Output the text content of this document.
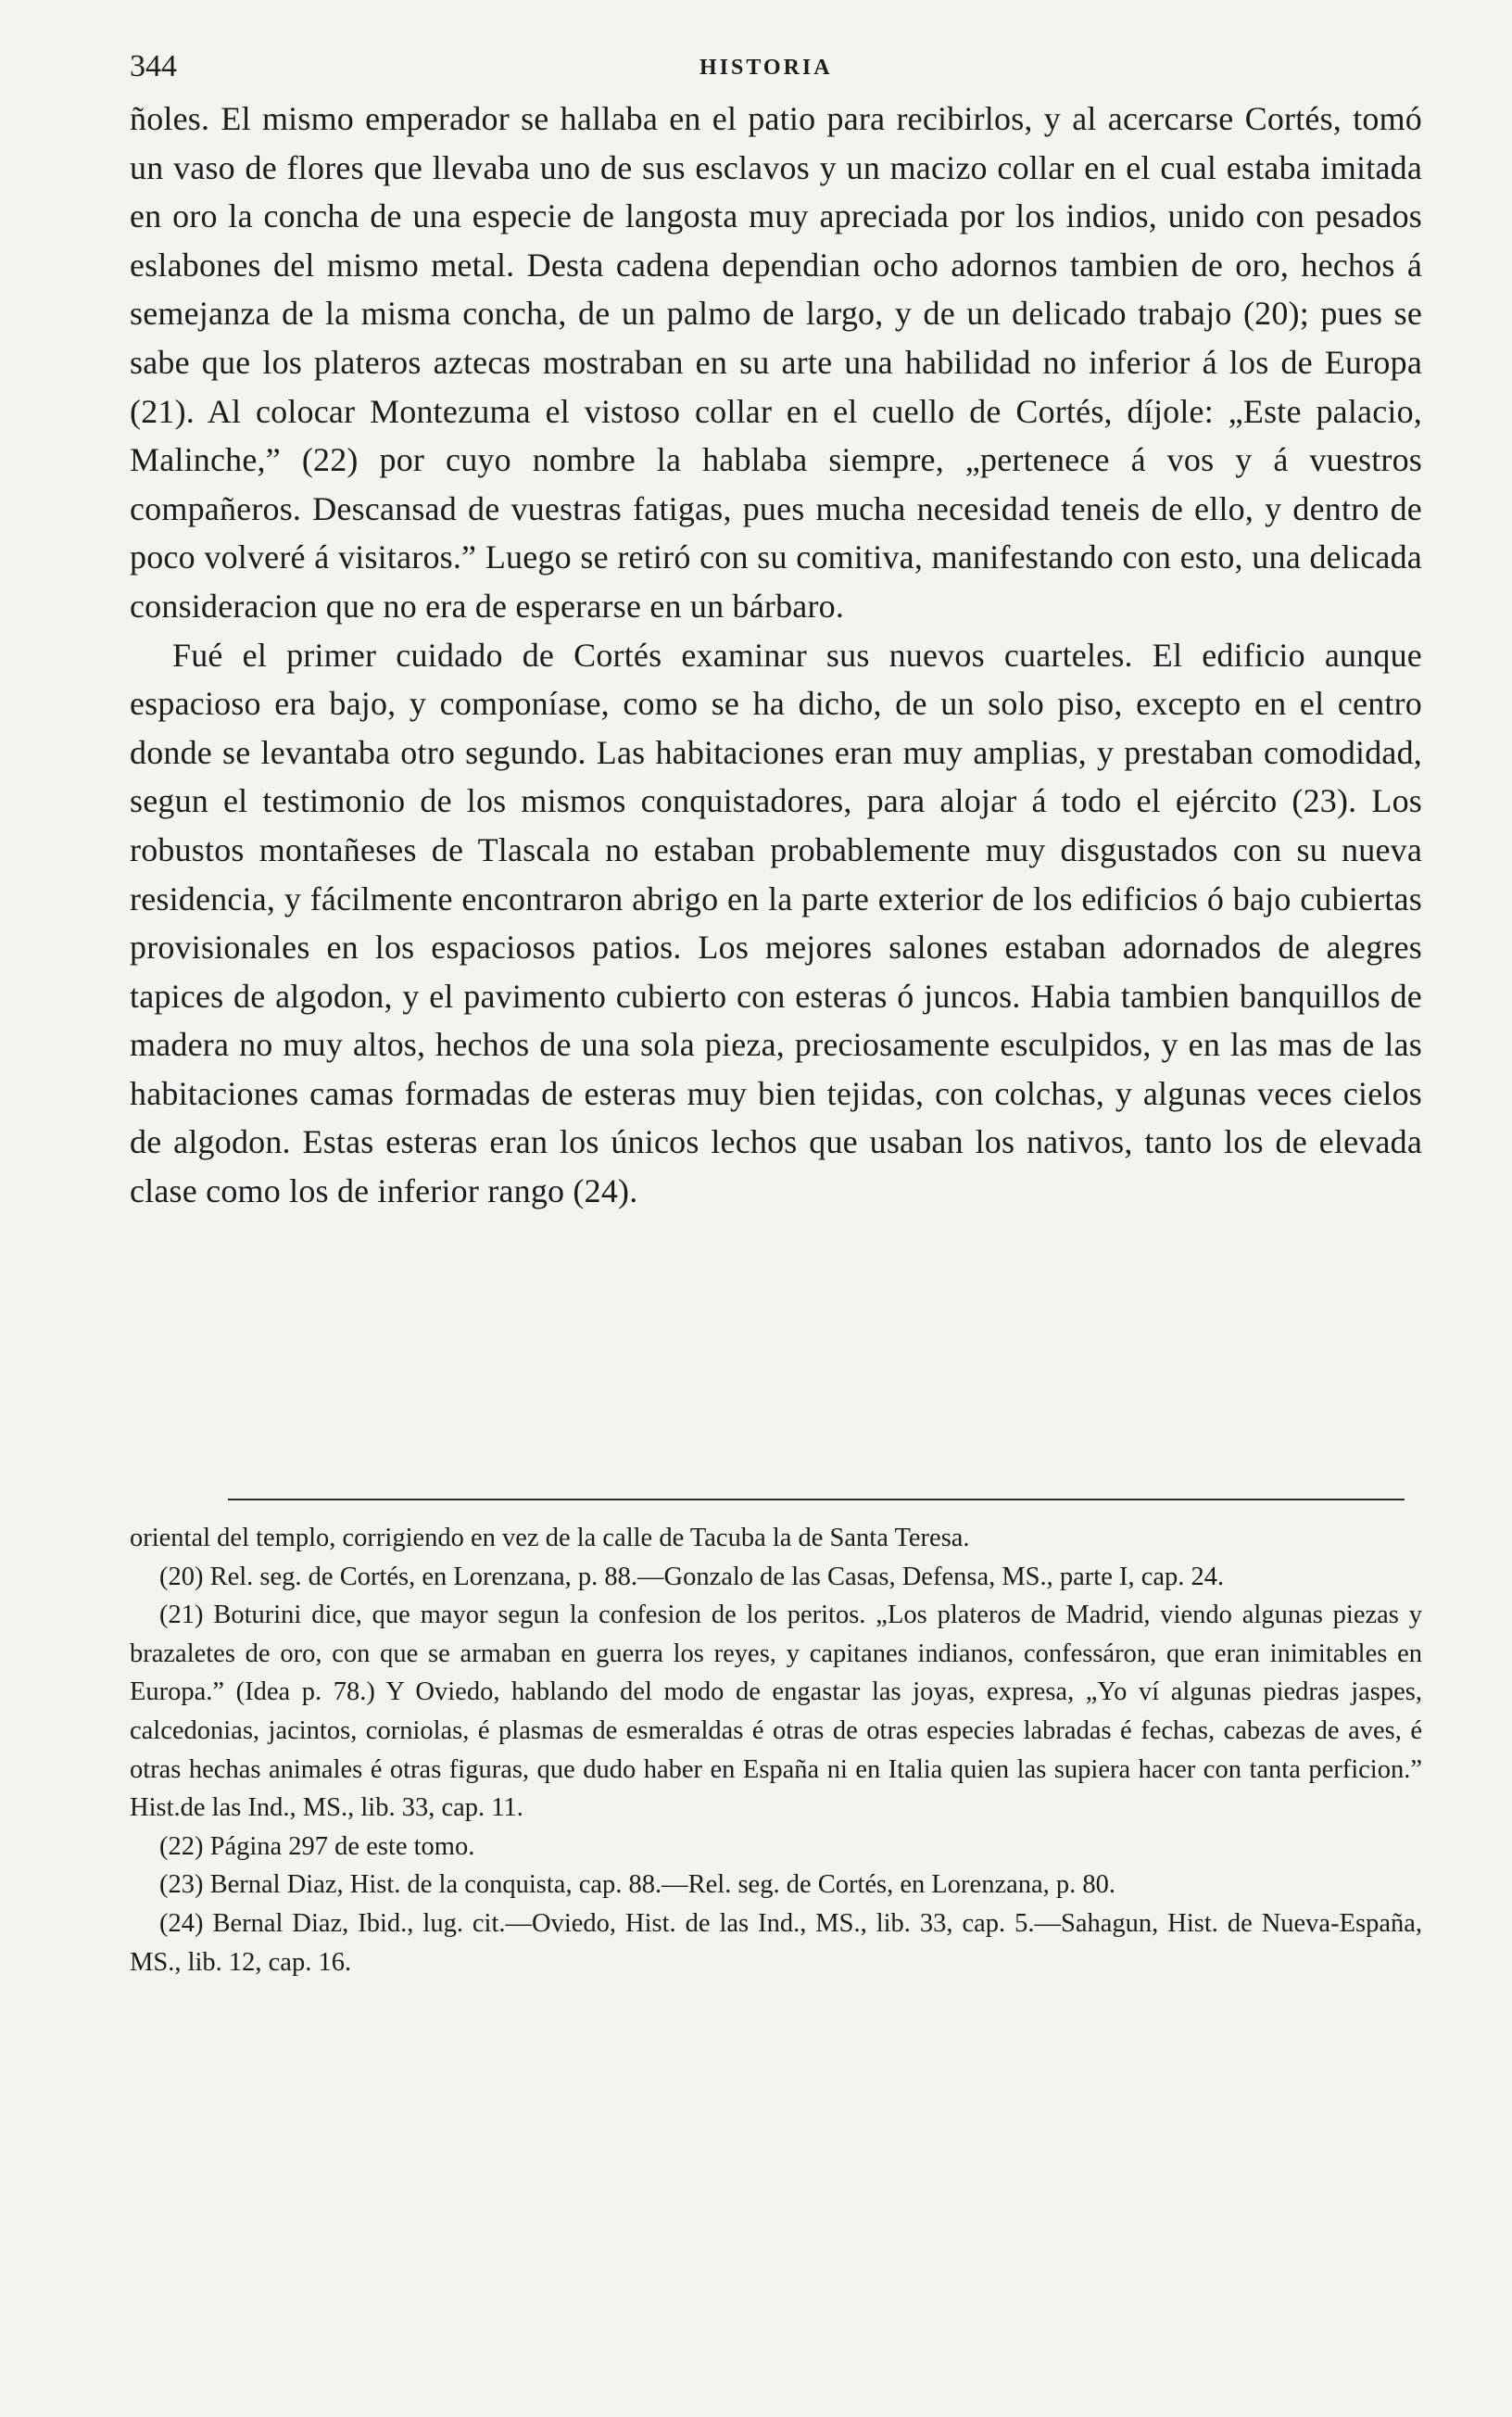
344	HISTORIA

ñoles. El mismo emperador se hallaba en el patio para recibirlos, y al acercarse Cortés, tomó un vaso de flores que llevaba uno de sus esclavos y un macizo collar en el cual estaba imitada en oro la concha de una especie de langosta muy apreciada por los indios, unido con pesados eslabones del mismo metal. Desta cadena dependian ocho adornos tambien de oro, hechos á semejanza de la misma concha, de un palmo de largo, y de un delicado trabajo (20); pues se sabe que los plateros aztecas mostraban en su arte una habilidad no inferior á los de Europa (21). Al colocar Montezuma el vistoso collar en el cuello de Cortés, díjole: „Este palacio, Malinche,” (22) por cuyo nombre la hablaba siempre, „pertenece á vos y á vuestros compañeros. Descansad de vuestras fatigas, pues mucha necesidad teneis de ello, y dentro de poco volveré á visitaros.” Luego se retiró con su comitiva, manifestando con esto, una delicada consideracion que no era de esperarse en un bárbaro.

Fué el primer cuidado de Cortés examinar sus nuevos cuarteles. El edificio aunque espacioso era bajo, y componíase, como se ha dicho, de un solo piso, excepto en el centro donde se levantaba otro segundo. Las habitaciones eran muy amplias, y prestaban comodidad, segun el testimonio de los mismos conquistadores, para alojar á todo el ejército (23). Los robustos montañeses de Tlascala no estaban probablemente muy disgustados con su nueva residencia, y fácilmente encontraron abrigo en la parte exterior de los edificios ó bajo cubiertas provisionales en los espaciosos patios. Los mejores salones estaban adornados de alegres tapices de algodon, y el pavimento cubierto con esteras ó juncos. Habia tambien banquillos de madera no muy altos, hechos de una sola pieza, preciosamente esculpidos, y en las mas de las habitaciones camas formadas de esteras muy bien tejidas, con colchas, y algunas veces cielos de algodon. Estas esteras eran los únicos lechos que usaban los nativos, tanto los de elevada clase como los de inferior rango (24).

oriental del templo, corrigiendo en vez de la calle de Tacuba la de Santa Teresa.

(20) Rel. seg. de Cortés, en Lorenzana, p. 88.—Gonzalo de las Casas, Defensa, MS., parte I, cap. 24.

(21) Boturini dice, que mayor segun la confesion de los peritos. „Los plateros de Madrid, viendo algunas piezas y brazaletes de oro, con que se armaban en guerra los reyes, y capitanes indianos, confessáron, que eran inimitables en Europa.” (Idea p. 78.) Y Oviedo, hablando del modo de engastar las joyas, expresa, „Yo ví algunas piedras jaspes, calcedonias, jacintos, corniolas, é plasmas de esmeraldas é otras de otras especies labradas é fechas, cabezas de aves, é otras hechas animales é otras figuras, que dudo haber en España ni en Italia quien las supiera hacer con tanta perficion.” Hist.de las Ind., MS., lib. 33, cap. 11.

(22) Página 297 de este tomo.

(23) Bernal Diaz, Hist. de la conquista, cap. 88.—Rel. seg. de Cortés, en Lorenzana, p. 80.

(24) Bernal Diaz, Ibid., lug. cit.—Oviedo, Hist. de las Ind., MS., lib. 33, cap. 5.—Sahagun, Hist. de Nueva-España, MS., lib. 12, cap. 16.
